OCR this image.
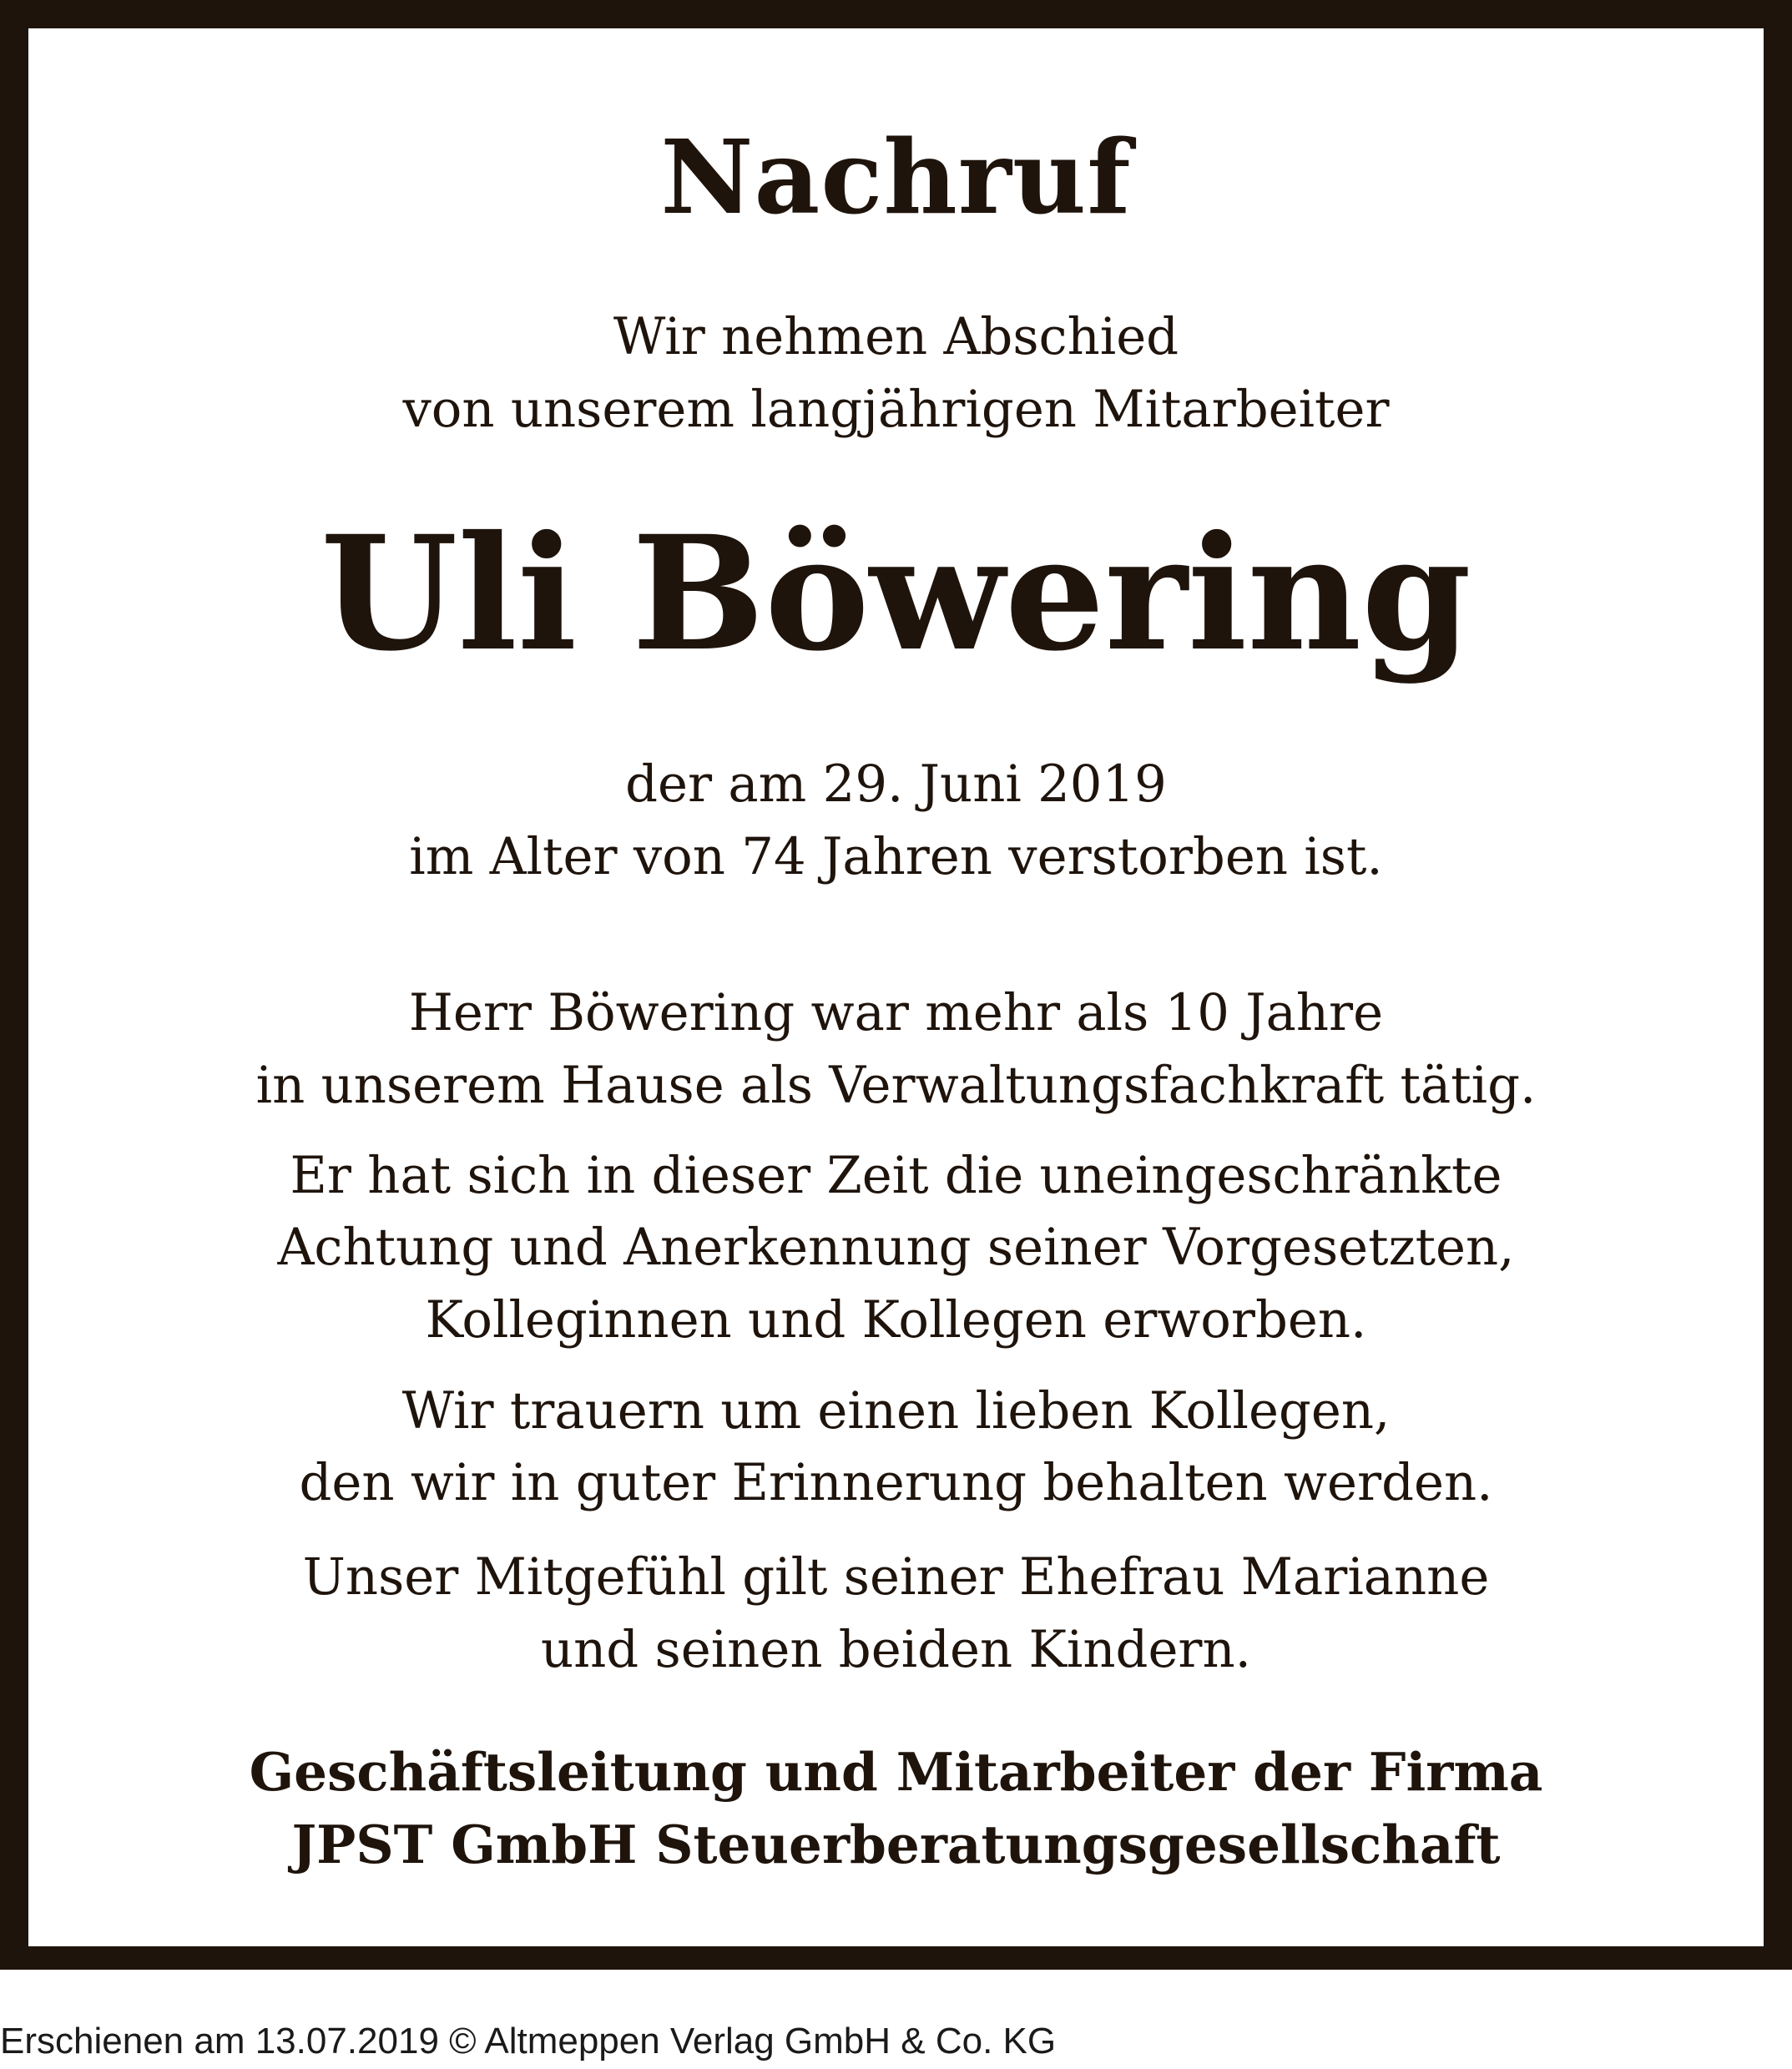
Nachruf
Wir nehmen Abschied
von unserem langjährigen Mitarbeiter
Uli Böwering
der am 29. Juni 2019
im Alter von 74 Jahren verstorben ist.
Herr Böwering war mehr als 10 Jahre
in unserem Hause als Verwaltungsfachkraft tätig.
Er hat sich in dieser Zeit die uneingeschränkte
Achtung und Anerkennung seiner Vorgesetzten,
Kolleginnen und Kollegen erworben.
Wir trauern um einen lieben Kollegen,
den wir in guter Erinnerung behalten werden.
Unser Mitgefühl gilt seiner Ehefrau Marianne
und seinen beiden Kindern.
Geschäftsleitung und Mitarbeiter der Firma
JPST GmbH Steuerberatungsgesellschaft
Erschienen am 13.07.2019 © Altmeppen Verlag GmbH & Co. KG
